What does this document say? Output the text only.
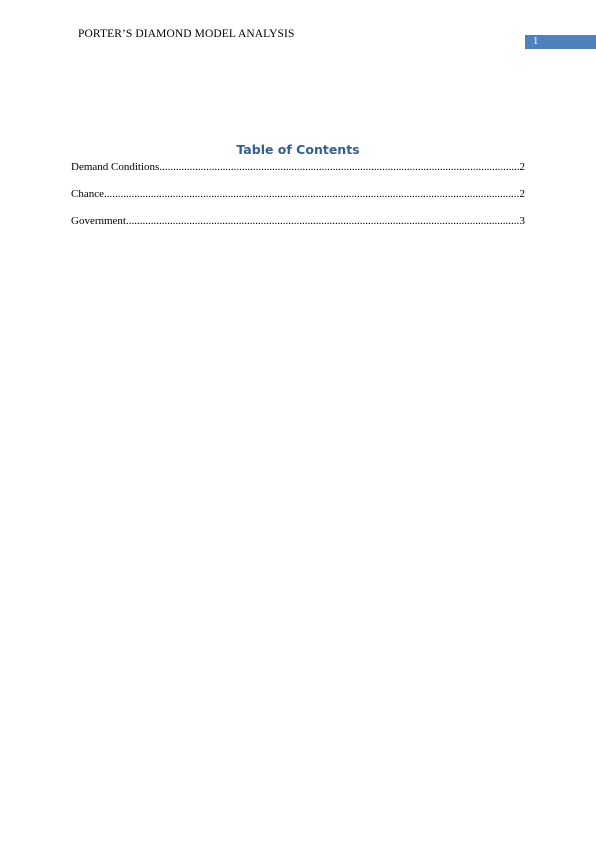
PORTER’S DIAMOND MODEL ANALYSIS
1
Table of Contents
Demand Conditions .....	2
Chance .....	2
Government .....	3
